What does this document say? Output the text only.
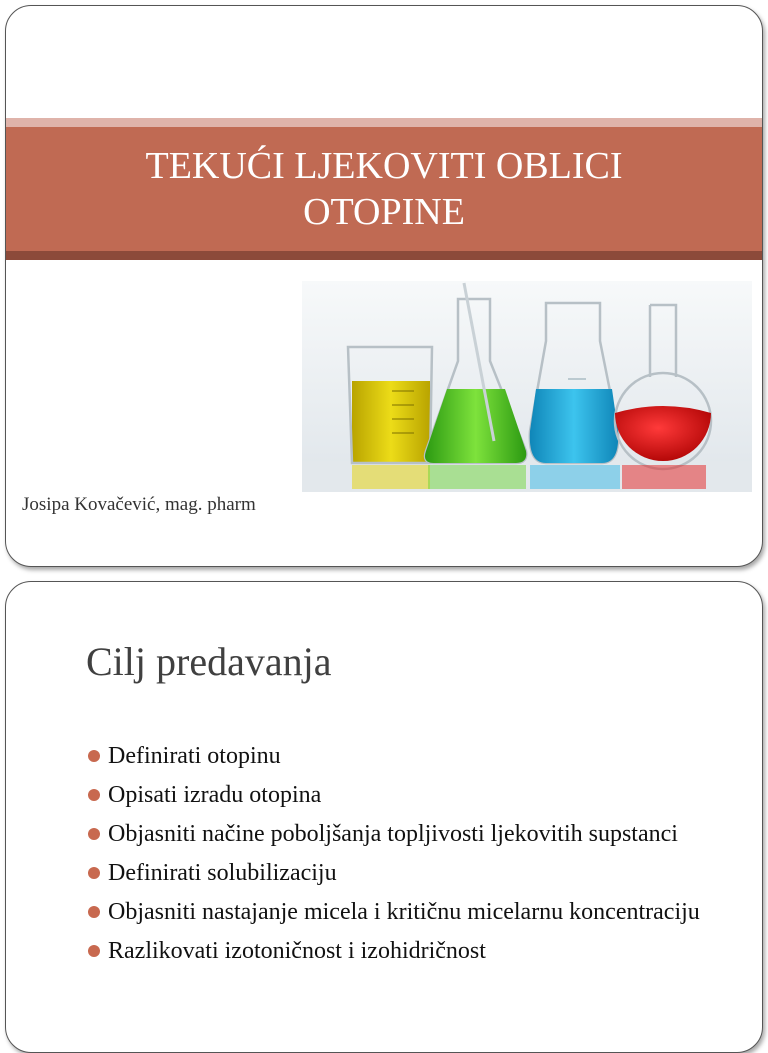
TEKUĆI LJEKOVITI OBLICI
OTOPINE
Josipa Kovačević, mag. pharm
Cilj predavanja
Definirati otopinu
Opisati izradu otopina
Objasniti načine poboljšanja topljivosti ljekovitih supstanci
Definirati solubilizaciju
Objasniti nastajanje micela i kritičnu micelarnu koncentraciju
Razlikovati izotoničnost i izohidričnost
